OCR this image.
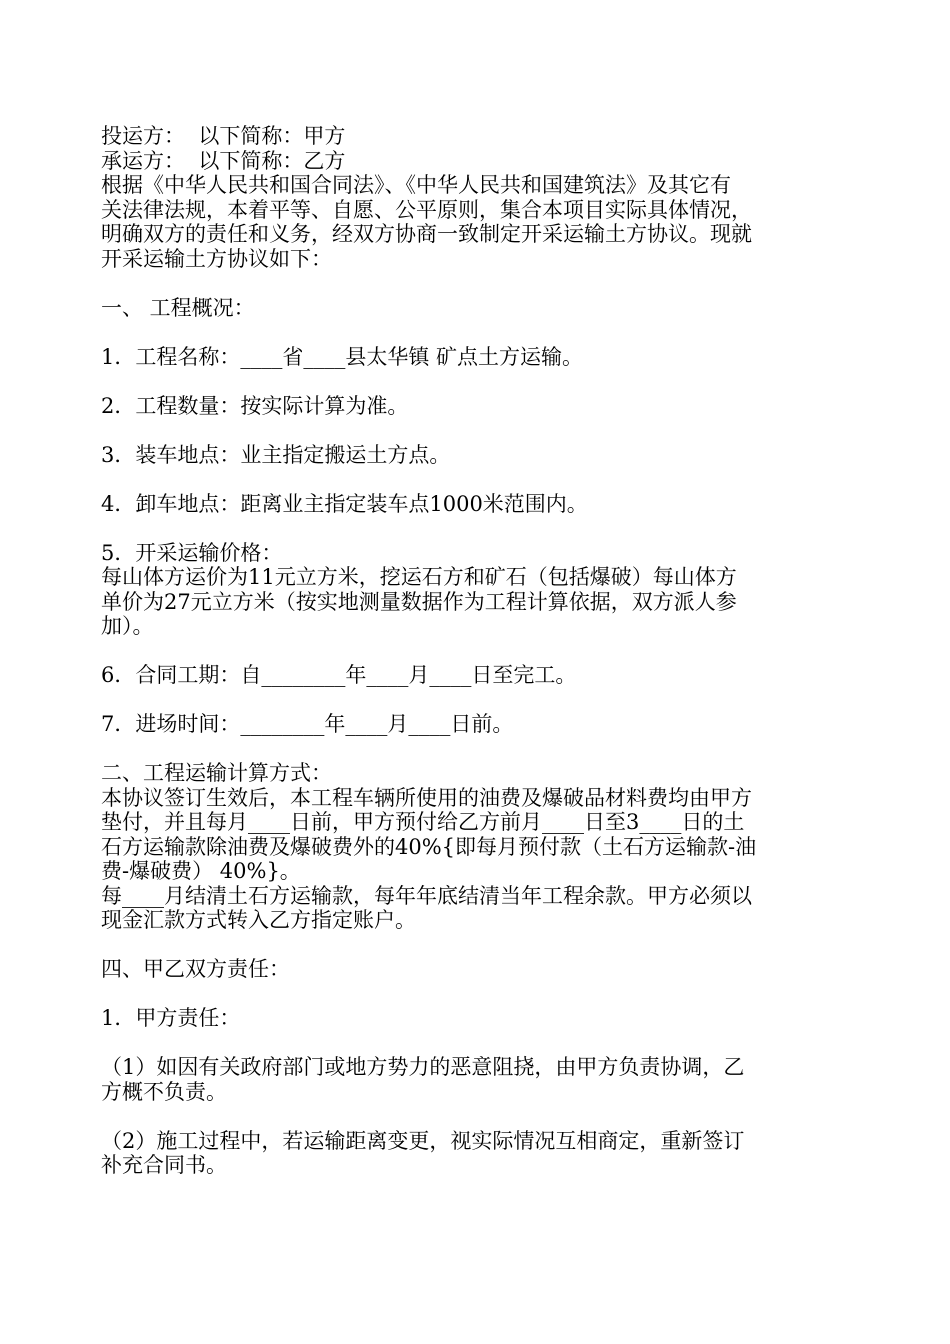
投运方：  以下简称：甲方

承运方：  以下简称：乙方

根据《中华人民共和国合同法》、《中华人民共和国建筑法》及其它有

关法律法规，本着平等、自愿、公平原则，集合本项目实际具体情况，

明确双方的责任和义务，经双方协商一致制定开采运输土方协议。现就

开采运输土方协议如下：

一、 工程概况：

1．工程名称：____省____县太华镇 矿点土方运输。

2．工程数量：按实际计算为准。

3．装车地点：业主指定搬运土方点。

4．卸车地点：距离业主指定装车点1000米范围内。

5．开采运输价格：

每山体方运价为11元立方米，挖运石方和矿石（包括爆破）每山体方

单价为27元立方米（按实地测量数据作为工程计算依据，双方派人参

加）。

6．合同工期：自________年____月____日至完工。

7．进场时间：________年____月____日前。

二、工程运输计算方式：

本协议签订生效后，本工程车辆所使用的油费及爆破品材料费均由甲方

垫付，并且每月____日前，甲方预付给乙方前月____日至3____日的土

石方运输款除油费及爆破费外的40%{即每月预付款（土石方运输款-油

费-爆破费） 40%}。

每____月结清土石方运输款，每年年底结清当年工程余款。甲方必须以

现金汇款方式转入乙方指定账户。

四、甲乙双方责任：

1．甲方责任：

（1）如因有关政府部门或地方势力的恶意阻挠，由甲方负责协调，乙

方概不负责。

（2）施工过程中，若运输距离变更，视实际情况互相商定，重新签订

补充合同书。
